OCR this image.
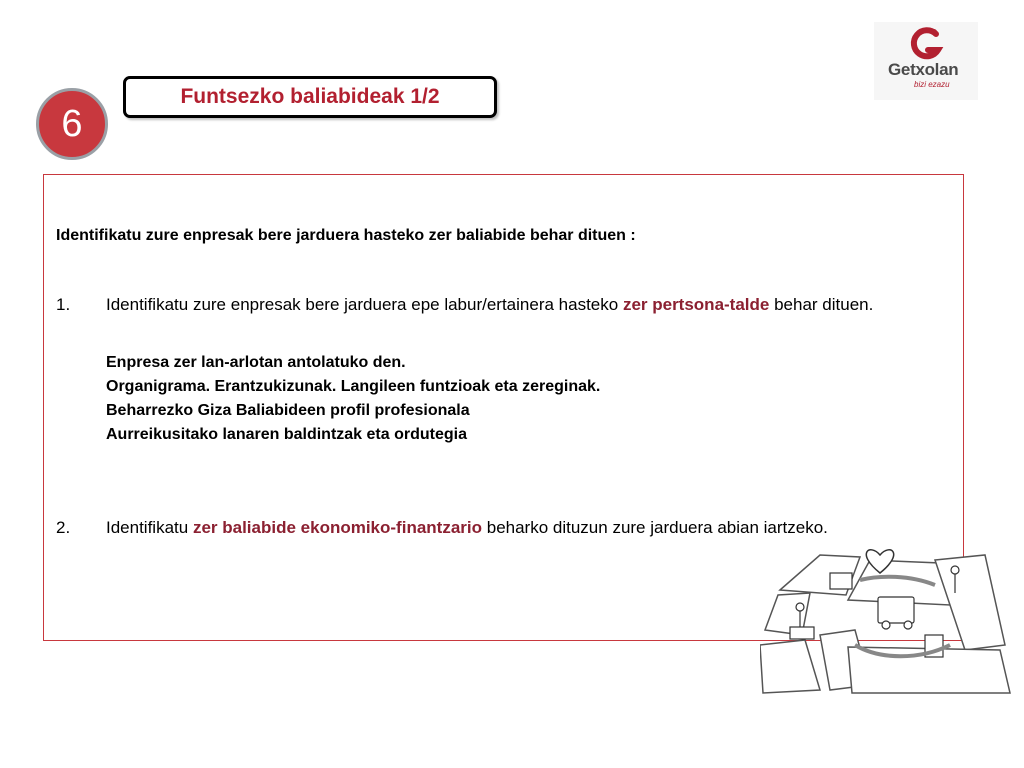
6
Funtsezko baliabideak 1/2
Getxolan
bizi ezazu
Identifikatu zure enpresak bere jarduera hasteko zer baliabide behar dituen :
1. Identifikatu zure enpresak bere jarduera epe labur/ertainera hasteko zer pertsona-talde behar dituen.
Enpresa zer lan-arlotan antolatuko den.
Organigrama. Erantzukizunak. Langileen funtzioak eta zereginak.
Beharrezko Giza Baliabideen profil profesionala
Aurreikusitako lanaren baldintzak eta ordutegia
2. Identifikatu zer baliabide ekonomiko-finantzario beharko dituzun zure jarduera abian iartzeko.
